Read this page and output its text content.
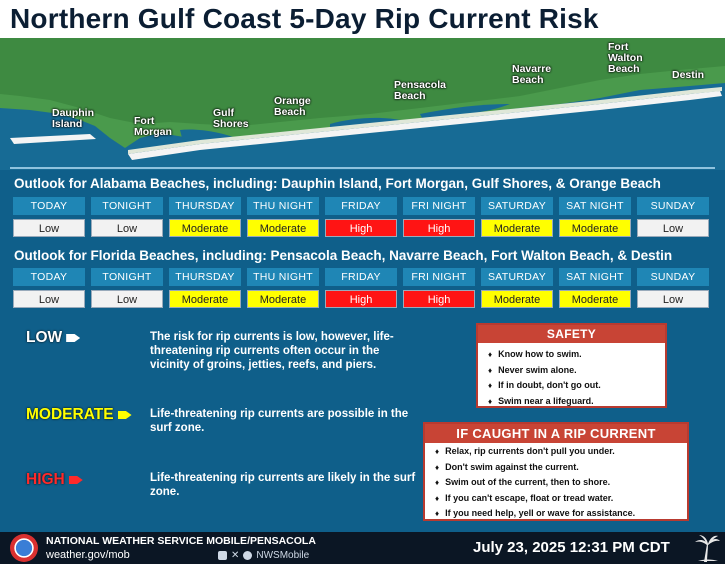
Northern Gulf Coast 5-Day Rip Current Risk
Dauphin
Island	Fort
Morgan
Gulf
Shores
Orange
Beach
Pensacola
Beach
Navarre
Beach
Fort
Walton
Beach	Destin
Outlook for Alabama Beaches, including: Dauphin Island, Fort Morgan, Gulf Shores, & Orange Beach
TODAY	TONIGHT	THURSDAY	THU NIGHT	FRIDAY	FRI NIGHT	SATURDAY	SAT NIGHT	SUNDAY
Low	Low	Moderate	Moderate	High	High	Moderate	Moderate	Low
Outlook for Florida Beaches, including: Pensacola Beach, Navarre Beach, Fort Walton Beach, & Destin
TODAY	TONIGHT	THURSDAY	THU NIGHT	FRIDAY	FRI NIGHT	SATURDAY	SAT NIGHT	SUNDAY
Low	Low	Moderate	Moderate	High	High	Moderate	Moderate	Low
LOW	The risk for rip currents is low, however, life-threatening rip currents often occur in the vicinity of groins, jetties, reefs, and piers.
MODERATE	Life-threatening rip currents are possible in the surf zone.
HIGH	Life-threatening rip currents are likely in the surf zone.
SAFETY
♦ Know how to swim.
♦ Never swim alone.
♦ If in doubt, don't go out.
♦ Swim near a lifeguard.
IF CAUGHT IN A RIP CURRENT
♦ Relax, rip currents don't pull you under.
♦ Don't swim against the current.
♦ Swim out of the current, then to shore.
♦ If you can't escape, float or tread water.
♦ If you need help, yell or wave for assistance.
NATIONAL WEATHER SERVICE MOBILE/PENSACOLA
weather.gov/mob	✕ NWSMobile	July 23, 2025 12:31 PM CDT
